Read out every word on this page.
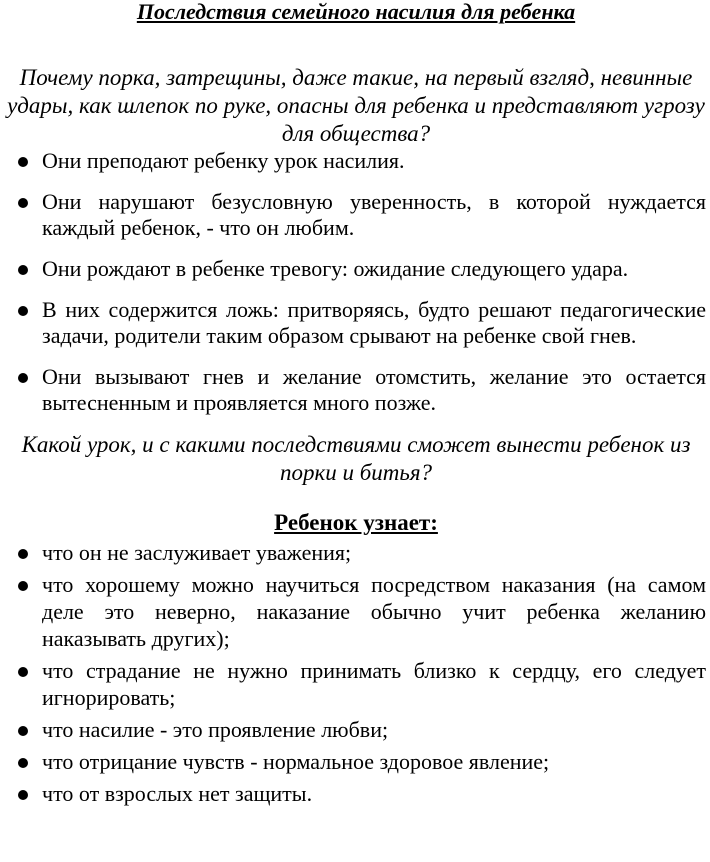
Последствия семейного насилия для ребенка

Почему порка, затрещины, даже такие, на первый взгляд, невинные удары, как шлепок по руке, опасны для ребенка и представляют угрозу для общества?

Они преподают ребенку урок насилия.
Они нарушают безусловную уверенность, в которой нуждается каждый ребенок, - что он любим.
Они рождают в ребенке тревогу: ожидание следующего удара.
В них содержится ложь: притворяясь, будто решают педагогические задачи, родители таким образом срывают на ребенке свой гнев.
Они вызывают гнев и желание отомстить, желание это остается вытесненным и проявляется много позже.

Какой урок, и с какими последствиями сможет вынести ребенок из порки и битья?

Ребенок узнает:
что он не заслуживает уважения;
что хорошему можно научиться посредством наказания (на самом деле это неверно, наказание обычно учит ребенка желанию наказывать других);
что страдание не нужно принимать близко к сердцу, его следует игнорировать;
что насилие - это проявление любви;
что отрицание чувств - нормальное здоровое явление;
что от взрослых нет защиты.
